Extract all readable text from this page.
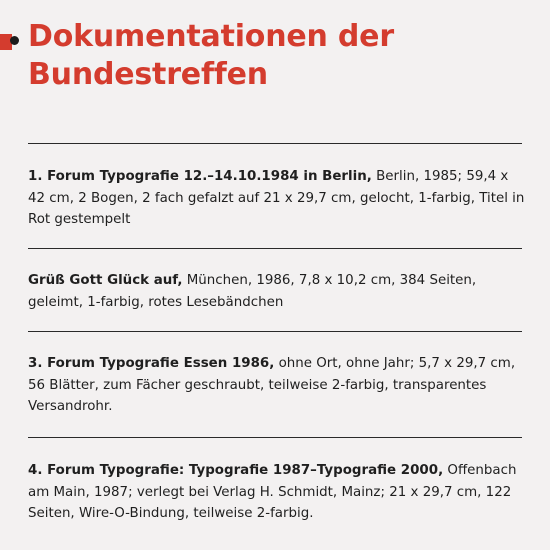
Dokumentationen der Bundestreffen

1. Forum Typografie 12.–14.10.1984 in Berlin, Berlin, 1985; 59,4 x 42 cm, 2 Bogen, 2 fach gefalzt auf 21 x 29,7 cm, gelocht, 1-farbig, Titel in Rot gestempelt

Grüß Gott Glück auf, München, 1986, 7,8 x 10,2 cm, 384 Seiten, geleimt, 1-farbig, rotes Lesebändchen

3. Forum Typografie Essen 1986, ohne Ort, ohne Jahr; 5,7 x 29,7 cm, 56 Blätter, zum Fächer geschraubt, teilweise 2-farbig, transparentes Versandrohr.

4. Forum Typografie: Typografie 1987–Typografie 2000, Offenbach am Main, 1987; verlegt bei Verlag H. Schmidt, Mainz; 21 x 29,7 cm, 122 Seiten, Wire-O-Bindung, teilweise 2-farbig.
